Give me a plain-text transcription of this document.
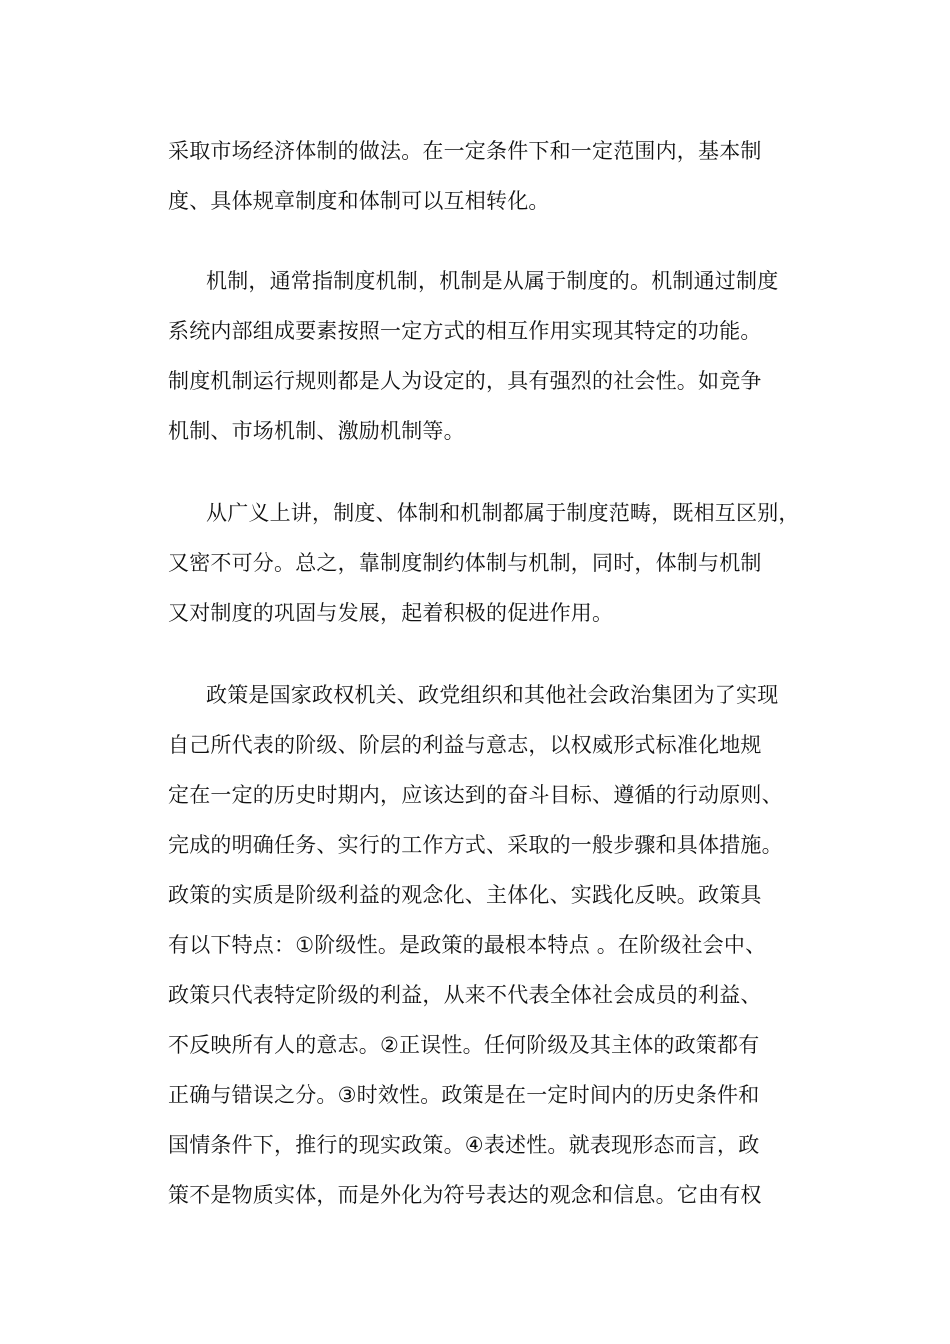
采取市场经济体制的做法。在一定条件下和一定范围内，基本制

度、具体规章制度和体制可以互相转化。

机制，通常指制度机制，机制是从属于制度的。机制通过制度

系统内部组成要素按照一定方式的相互作用实现其特定的功能。

制度机制运行规则都是人为设定的，具有强烈的社会性。如竞争

机制、市场机制、激励机制等。

从广义上讲，制度、体制和机制都属于制度范畴，既相互区别，

又密不可分。总之，靠制度制约体制与机制，同时，体制与机制

又对制度的巩固与发展，起着积极的促进作用。

政策是国家政权机关、政党组织和其他社会政治集团为了实现

自己所代表的阶级、阶层的利益与意志，以权威形式标准化地规

定在一定的历史时期内，应该达到的奋斗目标、遵循的行动原则、

完成的明确任务、实行的工作方式、采取的一般步骤和具体措施。

政策的实质是阶级利益的观念化、主体化、实践化反映。政策具

有以下特点：①阶级性。是政策的最根本特点 。在阶级社会中、

政策只代表特定阶级的利益，从来不代表全体社会成员的利益、

不反映所有人的意志。②正误性。任何阶级及其主体的政策都有

正确与错误之分。③时效性。政策是在一定时间内的历史条件和

国情条件下，推行的现实政策。④表述性。就表现形态而言，政

策不是物质实体，而是外化为符号表达的观念和信息。它由有权
